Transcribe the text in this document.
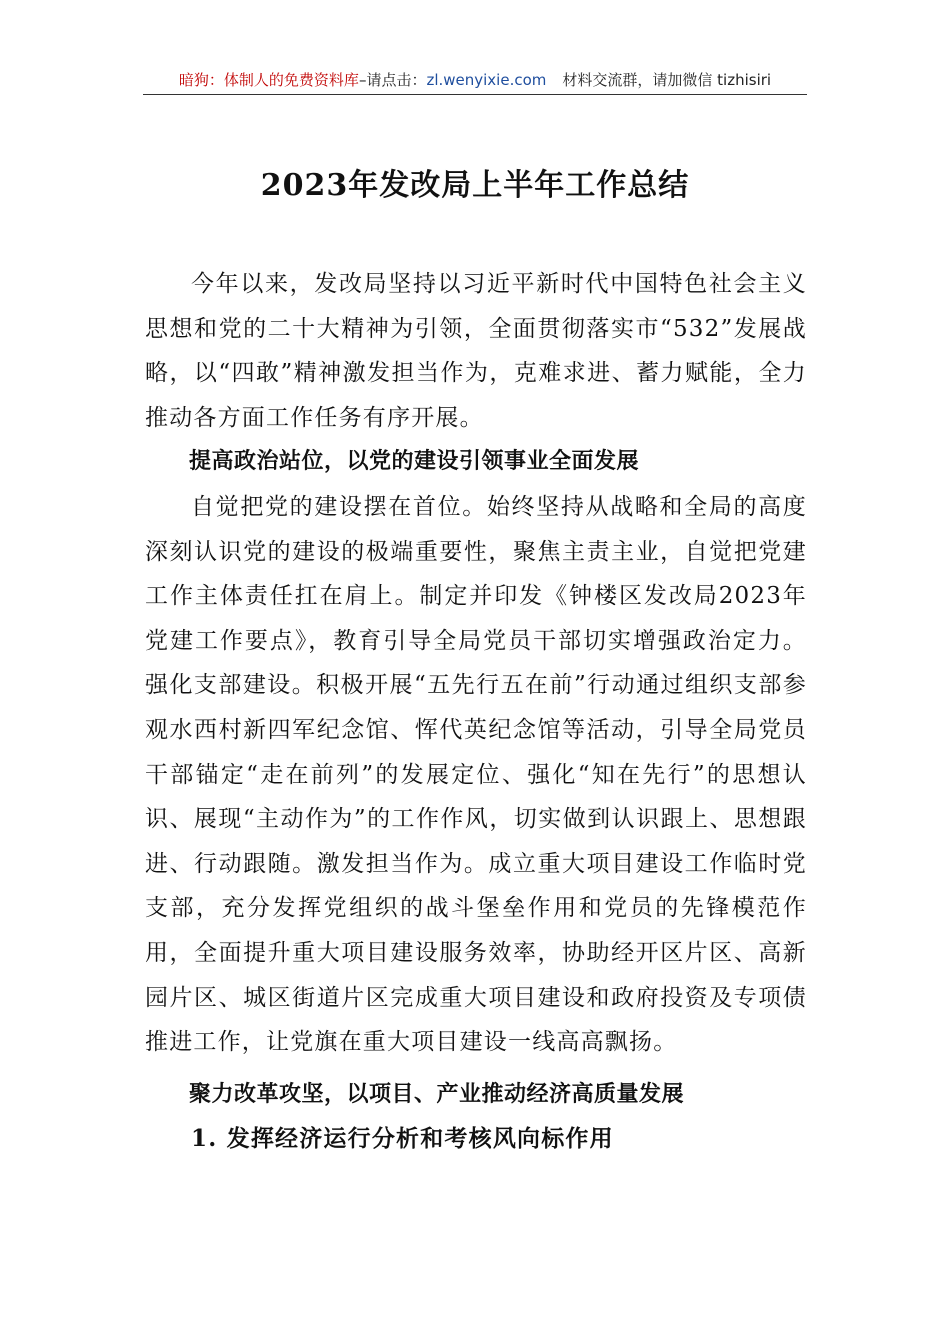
暗狗：体制人的免费资料库–请点击：zl.wenyixie.com 材料交流群，请加微信 tizhisiri
2023年发改局上半年工作总结

今年以来，发改局坚持以习近平新时代中国特色社会主义思想和党的二十大精神为引领，全面贯彻落实市“532”发展战略，以“四敢”精神激发担当作为，克难求进、蓄力赋能，全力推动各方面工作任务有序开展。

提高政治站位，以党的建设引领事业全面发展

自觉把党的建设摆在首位。始终坚持从战略和全局的高度深刻认识党的建设的极端重要性，聚焦主责主业，自觉把党建工作主体责任扛在肩上。制定并印发《钟楼区发改局2023年党建工作要点》，教育引导全局党员干部切实增强政治定力。强化支部建设。积极开展“五先行五在前”行动通过组织支部参观水西村新四军纪念馆、恽代英纪念馆等活动，引导全局党员干部锚定“走在前列”的发展定位、强化“知在先行”的思想认识、展现“主动作为”的工作作风，切实做到认识跟上、思想跟进、行动跟随。激发担当作为。成立重大项目建设工作临时党支部，充分发挥党组织的战斗堡垒作用和党员的先锋模范作用，全面提升重大项目建设服务效率，协助经开区片区、高新园片区、城区街道片区完成重大项目建设和政府投资及专项债推进工作，让党旗在重大项目建设一线高高飘扬。

聚力改革攻坚，以项目、产业推动经济高质量发展

1. 发挥经济运行分析和考核风向标作用
